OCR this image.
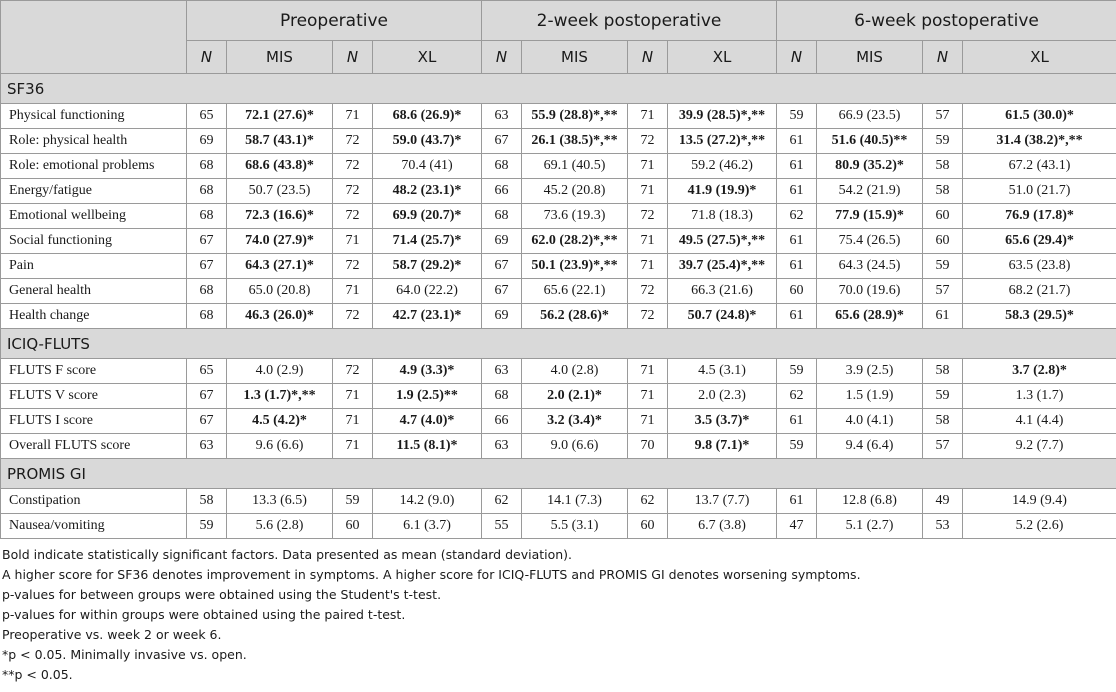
	Preoperative				2-week postoperative				6-week postoperative			
	N	MIS	N	XL	N	MIS	N	XL	N	MIS	N	XL
SF36												
Physical functioning	65	72.1 (27.6)*	71	68.6 (26.9)*	63	55.9 (28.8)*,**	71	39.9 (28.5)*,**	59	66.9 (23.5)	57	61.5 (30.0)*
Role: physical health	69	58.7 (43.1)*	72	59.0 (43.7)*	67	26.1 (38.5)*,**	72	13.5 (27.2)*,**	61	51.6 (40.5)**	59	31.4 (38.2)*,**
Role: emotional problems	68	68.6 (43.8)*	72	70.4 (41)	68	69.1 (40.5)	71	59.2 (46.2)	61	80.9 (35.2)*	58	67.2 (43.1)
Energy/fatigue	68	50.7 (23.5)	72	48.2 (23.1)*	66	45.2 (20.8)	71	41.9 (19.9)*	61	54.2 (21.9)	58	51.0 (21.7)
Emotional wellbeing	68	72.3 (16.6)*	72	69.9 (20.7)*	68	73.6 (19.3)	72	71.8 (18.3)	62	77.9 (15.9)*	60	76.9 (17.8)*
Social functioning	67	74.0 (27.9)*	71	71.4 (25.7)*	69	62.0 (28.2)*,**	71	49.5 (27.5)*,**	61	75.4 (26.5)	60	65.6 (29.4)*
Pain	67	64.3 (27.1)*	72	58.7 (29.2)*	67	50.1 (23.9)*,**	71	39.7 (25.4)*,**	61	64.3 (24.5)	59	63.5 (23.8)
General health	68	65.0 (20.8)	71	64.0 (22.2)	67	65.6 (22.1)	72	66.3 (21.6)	60	70.0 (19.6)	57	68.2 (21.7)
Health change	68	46.3 (26.0)*	72	42.7 (23.1)*	69	56.2 (28.6)*	72	50.7 (24.8)*	61	65.6 (28.9)*	61	58.3 (29.5)*
ICIQ-FLUTS												
FLUTS F score	65	4.0 (2.9)	72	4.9 (3.3)*	63	4.0 (2.8)	71	4.5 (3.1)	59	3.9 (2.5)	58	3.7 (2.8)*
FLUTS V score	67	1.3 (1.7)*,**	71	1.9 (2.5)**	68	2.0 (2.1)*	71	2.0 (2.3)	62	1.5 (1.9)	59	1.3 (1.7)
FLUTS I score	67	4.5 (4.2)*	71	4.7 (4.0)*	66	3.2 (3.4)*	71	3.5 (3.7)*	61	4.0 (4.1)	58	4.1 (4.4)
Overall FLUTS score	63	9.6 (6.6)	71	11.5 (8.1)*	63	9.0 (6.6)	70	9.8 (7.1)*	59	9.4 (6.4)	57	9.2 (7.7)
PROMIS GI												
Constipation	58	13.3 (6.5)	59	14.2 (9.0)	62	14.1 (7.3)	62	13.7 (7.7)	61	12.8 (6.8)	49	14.9 (9.4)
Nausea/vomiting	59	5.6 (2.8)	60	6.1 (3.7)	55	5.5 (3.1)	60	6.7 (3.8)	47	5.1 (2.7)	53	5.2 (2.6)
Bold indicate statistically significant factors. Data presented as mean (standard deviation).
A higher score for SF36 denotes improvement in symptoms. A higher score for ICIQ-FLUTS and PROMIS GI denotes worsening symptoms.
p-values for between groups were obtained using the Student's t-test.
p-values for within groups were obtained using the paired t-test.
Preoperative vs. week 2 or week 6.
*p < 0.05. Minimally invasive vs. open.
**p < 0.05.
